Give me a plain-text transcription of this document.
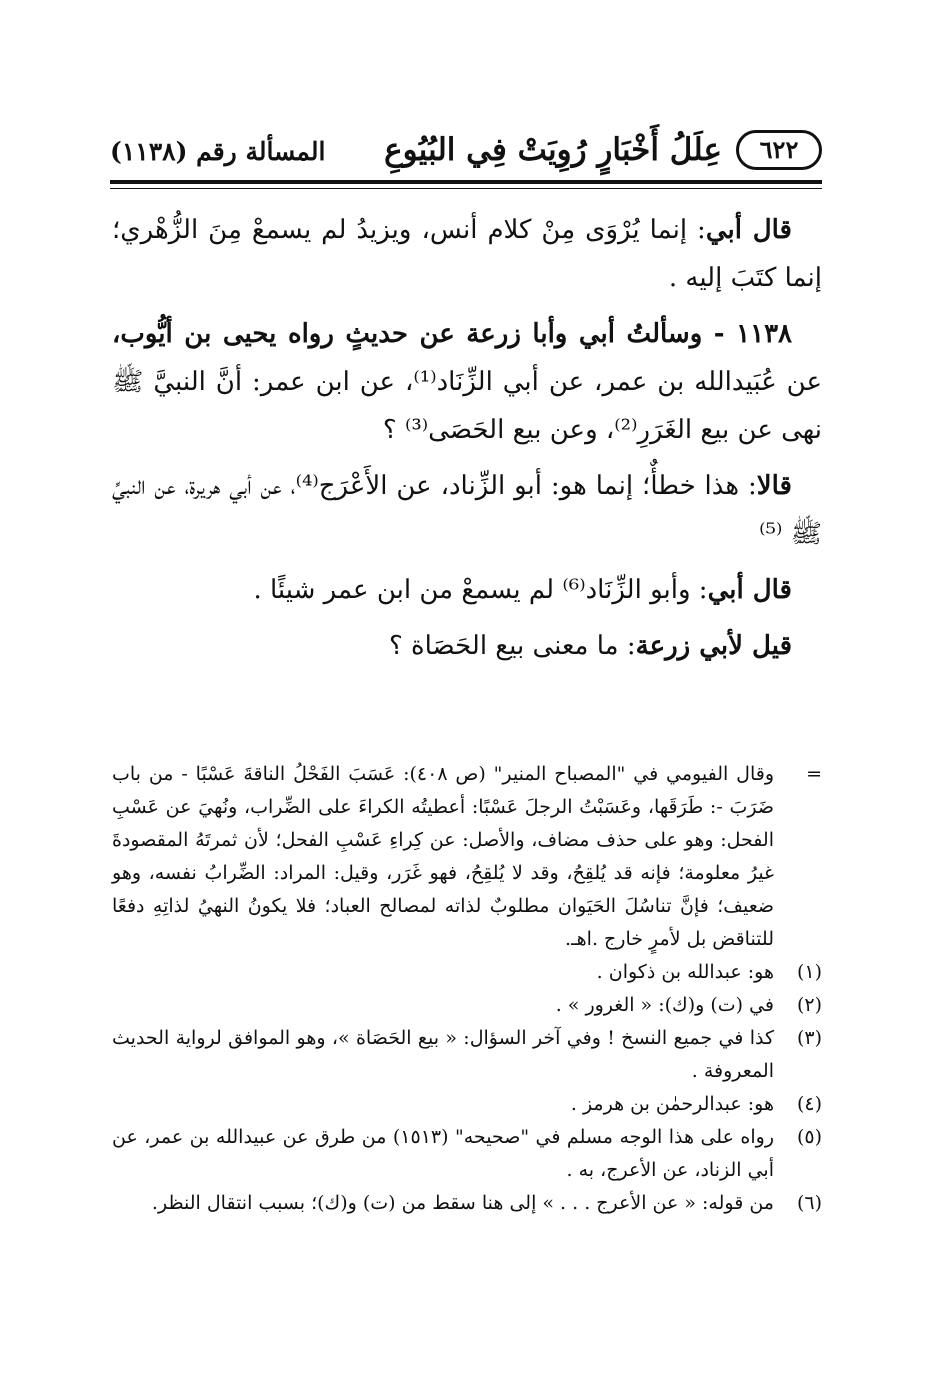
٦٢٢
عِلَلُ أَخْبَارٍ رُوِيَتْ فِي البُيُوعِ
المسألة رقم (١١٣٨)

قال أبي: إنما يُرْوَى مِنْ كلام أنس، ويزيدُ لم يسمعْ مِنَ الزُّهْري؛ إنما كتَبَ إليه .

١١٣٨ - وسألتُ أبي وأبا زرعة عن حديثٍ رواه يحيى بن أيُّوب، عن عُبَيدالله بن عمر، عن أبي الزِّنَاد⁽¹⁾، عن ابن عمر: أنَّ النبيَّ ﷺ نهى عن بيع الغَرَرِ⁽²⁾، وعن بيع الحَصَى⁽³⁾ ؟

قالا: هذا خطأٌ؛ إنما هو: أبو الزِّناد، عن الأَعْرَج⁽⁴⁾، عن أبي هريرة، عن النبيِّ ﷺ ⁽⁵⁾

قال أبي: وأبو الزِّنَاد⁽⁶⁾ لم يسمعْ من ابن عمر شيئًا .

قيل لأبي زرعة: ما معنى بيع الحَصَاة ؟

=
وقال الفيومي في "المصباح المنير" (ص ٤٠٨): عَسَبَ الفَحْلُ الناقةَ عَسْبًا - من باب ضَرَبَ -: طَرَقَها، وعَسَبْتُ الرجلَ عَسْبًا: أعطيتُه الكراءَ على الضِّراب، ونُهيَ عن عَسْبِ الفحل: وهو على حذف مضاف، والأصل: عن كِراءِ عَسْبِ الفحل؛ لأن ثمرتَهُ المقصودةَ غيرُ معلومة؛ فإنه قد يُلقِحُ، وقد لا يُلقِحُ، فهو غَرَر، وقيل: المراد: الضِّرابُ نفسه، وهو ضعيف؛ فإنَّ تناسُلَ الحَيَوان مطلوبٌ لذاته لمصالح العباد؛ فلا يكونُ النهيُ لذاتِهِ دفعًا للتناقض بل لأمرٍ خارج .اهـ.
(١)
هو: عبدالله بن ذكوان .
(٢)
في (ت) و(ك): « الغرور » .
(٣)
كذا في جميع النسخ ! وفي آخر السؤال: « بيع الحَصَاة »، وهو الموافق لرواية الحديث المعروفة .
(٤)
هو: عبدالرحمٰن بن هرمز .
(٥)
رواه على هذا الوجه مسلم في "صحيحه" (١٥١٣) من طرق عن عبيدالله بن عمر، عن أبي الزناد، عن الأعرج، به .
(٦)
من قوله: « عن الأعرج . . . » إلى هنا سقط من (ت) و(ك)؛ بسبب انتقال النظر.
